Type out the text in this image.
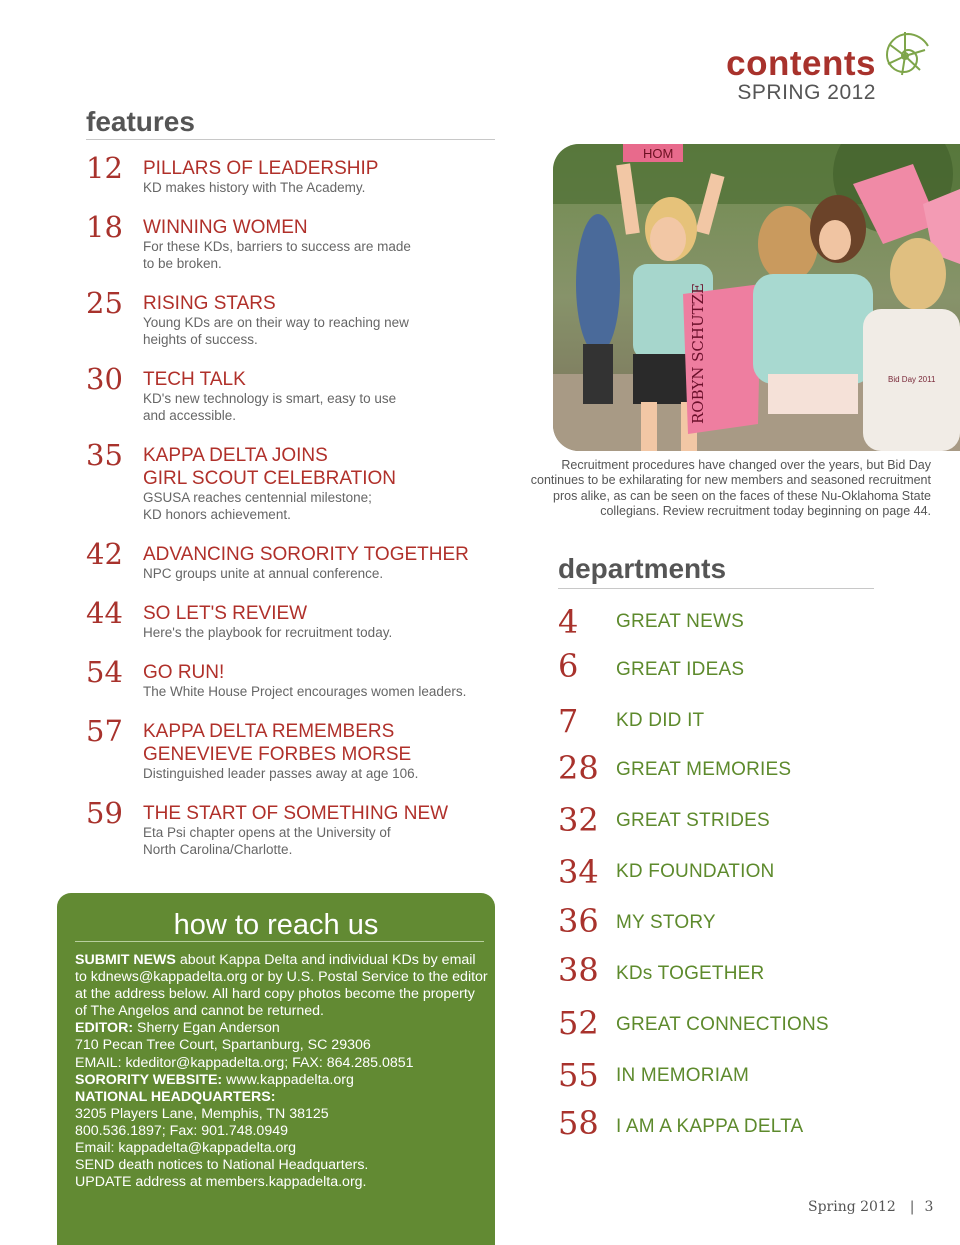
contents
SPRING 2012
features
12 PILLARS OF LEADERSHIP
KD makes history with The Academy.
18 WINNING WOMEN
For these KDs, barriers to success are made
to be broken.
25 RISING STARS
Young KDs are on their way to reaching new
heights of success.
30 TECH TALK
KD's new technology is smart, easy to use
and accessible.
35 KAPPA DELTA JOINS
GIRL SCOUT CELEBRATION
GSUSA reaches centennial milestone;
KD honors achievement.
42 ADVANCING SORORITY TOGETHER
NPC groups unite at annual conference.
44 SO LET'S REVIEW
Here's the playbook for recruitment today.
54 GO RUN!
The White House Project encourages women leaders.
57 KAPPA DELTA REMEMBERS
GENEVIEVE FORBES MORSE
Distinguished leader passes away at age 106.
59 THE START OF SOMETHING NEW
Eta Psi chapter opens at the University of
North Carolina/Charlotte.
HOM
ROBYN SCHUTZE	Bid Day 2011
Recruitment procedures have changed over the years, but Bid Day continues to be exhilarating for new members and seasoned recruitment pros alike, as can be seen on the faces of these Nu-Oklahoma State collegians. Review recruitment today beginning on page 44.
departments
4 GREAT NEWS
6 GREAT IDEAS
7 KD DID IT
28 GREAT MEMORIES
32 GREAT STRIDES
34 KD FOUNDATION
36 MY STORY
38 KDs TOGETHER
52 GREAT CONNECTIONS
55 IN MEMORIAM
58 I AM A KAPPA DELTA
how to reach us
SUBMIT NEWS about Kappa Delta and individual KDs by email to kdnews@kappadelta.org or by U.S. Postal Service to the editor at the address below. All hard copy photos become the property of The Angelos and cannot be returned.
EDITOR: Sherry Egan Anderson
710 Pecan Tree Court, Spartanburg, SC 29306
EMAIL: kdeditor@kappadelta.org; FAX: 864.285.0851
SORORITY WEBSITE: www.kappadelta.org
NATIONAL HEADQUARTERS:
3205 Players Lane, Memphis, TN 38125
800.536.1897; Fax: 901.748.0949
Email: kappadelta@kappadelta.org
SEND death notices to National Headquarters.
UPDATE address at members.kappadelta.org.
Spring 2012 | 3
